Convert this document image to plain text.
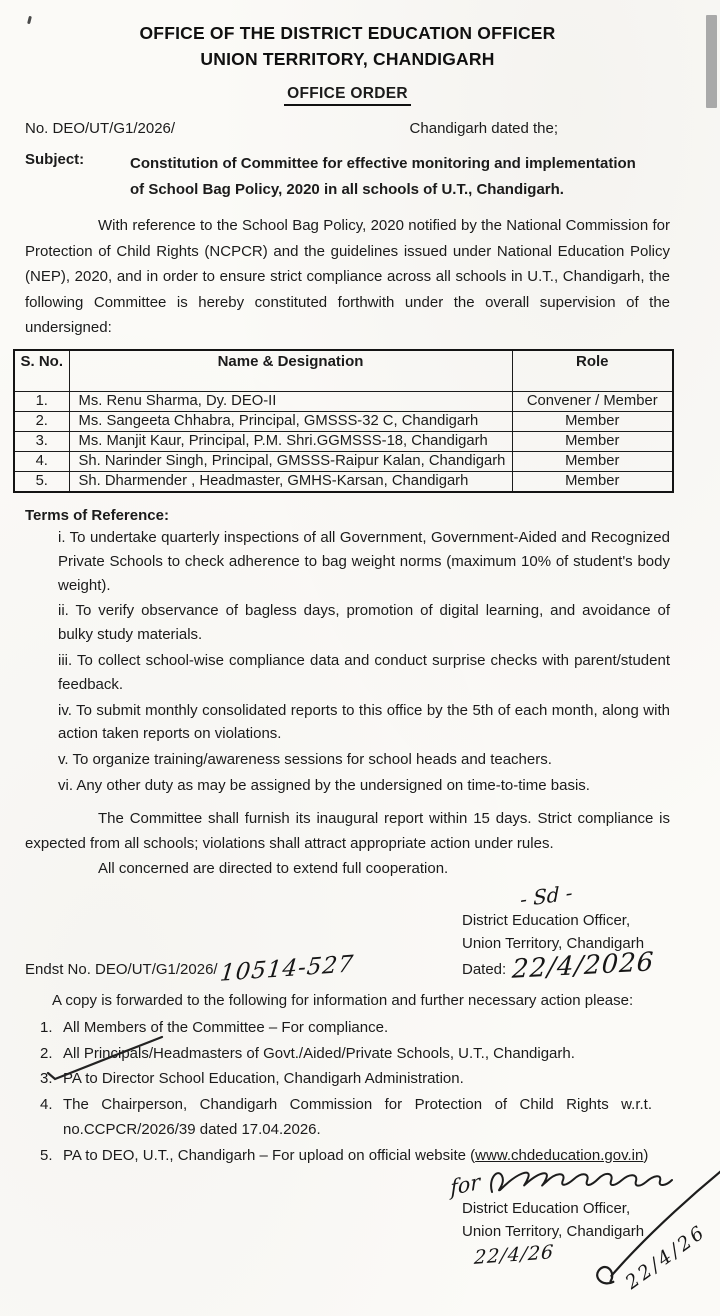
OFFICE OF THE DISTRICT EDUCATION OFFICER
UNION TERRITORY, CHANDIGARH
OFFICE ORDER
No. DEO/UT/G1/2026/	Chandigarh dated the;
Subject:	Constitution of Committee for effective monitoring and implementation of School Bag Policy, 2020 in all schools of U.T., Chandigarh.

With reference to the School Bag Policy, 2020 notified by the National Commission for Protection of Child Rights (NCPCR) and the guidelines issued under National Education Policy (NEP), 2020, and in order to ensure strict compliance across all schools in U.T., Chandigarh, the following Committee is hereby constituted forthwith under the overall supervision of the undersigned:

S. No.	Name & Designation	Role
1.	Ms. Renu Sharma, Dy. DEO-II	Convener / Member
2.	Ms. Sangeeta Chhabra, Principal, GMSSS-32 C, Chandigarh	Member
3.	Ms. Manjit Kaur, Principal, P.M. Shri.GGMSSS-18, Chandigarh	Member
4.	Sh. Narinder Singh, Principal, GMSSS-Raipur Kalan, Chandigarh	Member
5.	Sh. Dharmender , Headmaster, GMHS-Karsan, Chandigarh	Member
Terms of Reference:

i. To undertake quarterly inspections of all Government, Government-Aided and Recognized Private Schools to check adherence to bag weight norms (maximum 10% of student's body weight).

ii. To verify observance of bagless days, promotion of digital learning, and avoidance of bulky study materials.

iii. To collect school-wise compliance data and conduct surprise checks with parent/student feedback.

iv. To submit monthly consolidated reports to this office by the 5th of each month, along with action taken reports on violations.

v. To organize training/awareness sessions for school heads and teachers.

vi. Any other duty as may be assigned by the undersigned on time-to-time basis.

The Committee shall furnish its inaugural report within 15 days. Strict compliance is expected from all schools; violations shall attract appropriate action under rules.

All concerned are directed to extend full cooperation.

- Sd -
District Education Officer,
Union Territory, Chandigarh
Endst No. DEO/UT/G1/2026/ 10514-527	Dated: 22/4/2026

A copy is forwarded to the following for information and further necessary action please:

1. All Members of the Committee – For compliance.
2. All Principals/Headmasters of Govt./Aided/Private Schools, U.T., Chandigarh.
3. PA to Director School Education, Chandigarh Administration.
4. The Chairperson, Chandigarh Commission for Protection of Child Rights w.r.t. no.CCPCR/2026/39 dated 17.04.2026.
5. PA to DEO, U.T., Chandigarh – For upload on official website (www.chdeducation.gov.in)
for
District Education Officer,
Union Territory, Chandigarh
22/4/26	22/4/26
